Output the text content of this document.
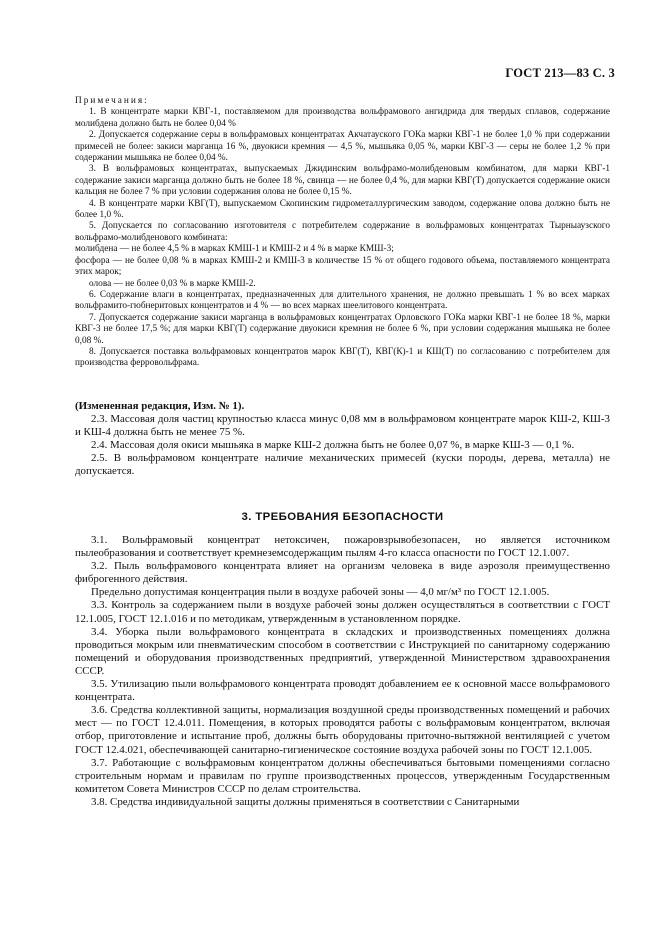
ГОСТ 213—83 С. 3

Примечания:

1. В концентрате марки КВГ-1, поставляемом для производства вольфрамового ангидрида для твердых сплавов, содержание молибдена должно быть не более 0,04 %

2. Допускается содержание серы в вольфрамовых концентратах Акчатауского ГОКа марки КВГ-1 не более 1,0 % при содержании примесей не более: закиси марганца 16 %, двуокиси кремния — 4,5 %, мышьяка 0,05 %, марки КВГ-3 — серы не более 1,2 % при содержании мышьяка не более 0,04 %.

3. В вольфрамовых концентратах, выпускаемых Джидинским вольфрамо-молибденовым комбинатом, для марки КВГ-1 содержание закиси марганца должно быть не более 18 %, свинца — не более 0,4 %, для марки КВГ(Т) допускается содержание окиси кальция не более 7 % при условии содержания олова не более 0,15 %.

4. В концентрате марки КВГ(Т), выпускаемом Скопинским гидрометаллургическим заводом, содержание олова должно быть не более 1,0 %.

5. Допускается по согласованию изготовителя с потребителем содержание в вольфрамовых концентратах Тырныаузского вольфрамо-молибденового комбината:

молибдена — не более 4,5 % в марках КМШ-1 и КМШ-2 и 4 % в марке КМШ-3;

фосфора — не более 0,08 % в марках КМШ-2 и КМШ-3 в количестве 15 % от общего годового объема, поставляемого концентрата этих марок;

олова — не более 0,03 % в марке КМШ-2.

6. Содержание влаги в концентратах, предназначенных для длительного хранения, не должно превышать 1 % во всех марках вольфрамито-гюбнеритовых концентратов и 4 % — во всех марках шеелитового концентрата.

7. Допускается содержание закиси марганца в вольфрамовых концентратах Орловского ГОКа марки КВГ-1 не более 18 %, марки КВГ-3 не более 17,5 %; для марки КВГ(Т) содержание двуокиси кремния не более 6 %, при условии содержания мышьяка не более 0,08 %.

8. Допускается поставка вольфрамовых концентратов марок КВГ(Т), КВГ(К)-1 и КШ(Т) по согласованию с потребителем для производства ферровольфрама.

(Измененная редакция, Изм. № 1).

2.3. Массовая доля частиц крупностью класса минус 0,08 мм в вольфрамовом концентрате марок КШ-2, КШ-3 и КШ-4 должна быть не менее 75 %.

2.4. Массовая доля окиси мышьяка в марке КШ-2 должна быть не более 0,07 %, в марке КШ-3 — 0,1 %.

2.5. В вольфрамовом концентрате наличие механических примесей (куски породы, дерева, металла) не допускается.

3. ТРЕБОВАНИЯ БЕЗОПАСНОСТИ

3.1. Вольфрамовый концентрат нетоксичен, пожаровзрывобезопасен, но является источником пылеобразования и соответствует кремнеземсодержащим пылям 4-го класса опасности по ГОСТ 12.1.007.

3.2. Пыль вольфрамового концентрата влияет на организм человека в виде аэрозоля преимущественно фиброгенного действия.

Предельно допустимая концентрация пыли в воздухе рабочей зоны — 4,0 мг/м³ по ГОСТ 12.1.005.

3.3. Контроль за содержанием пыли в воздухе рабочей зоны должен осуществляться в соответствии с ГОСТ 12.1.005, ГОСТ 12.1.016 и по методикам, утвержденным в установленном порядке.

3.4. Уборка пыли вольфрамового концентрата в складских и производственных помещениях должна проводиться мокрым или пневматическим способом в соответствии с Инструкцией по санитарному содержанию помещений и оборудования производственных предприятий, утвержденной Министерством здравоохранения СССР.

3.5. Утилизацию пыли вольфрамового концентрата проводят добавлением ее к основной массе вольфрамового концентрата.

3.6. Средства коллективной защиты, нормализация воздушной среды производственных помещений и рабочих мест — по ГОСТ 12.4.011. Помещения, в которых проводятся работы с вольфрамовым концентратом, включая отбор, приготовление и испытание проб, должны быть оборудованы приточно-вытяжной вентиляцией с учетом ГОСТ 12.4.021, обеспечивающей санитарно-гигиеническое состояние воздуха рабочей зоны по ГОСТ 12.1.005.

3.7. Работающие с вольфрамовым концентратом должны обеспечиваться бытовыми помещениями согласно строительным нормам и правилам по группе производственных процессов, утвержденным Государственным комитетом Совета Министров СССР по делам строительства.

3.8. Средства индивидуальной защиты должны применяться в соответствии с Санитарными
